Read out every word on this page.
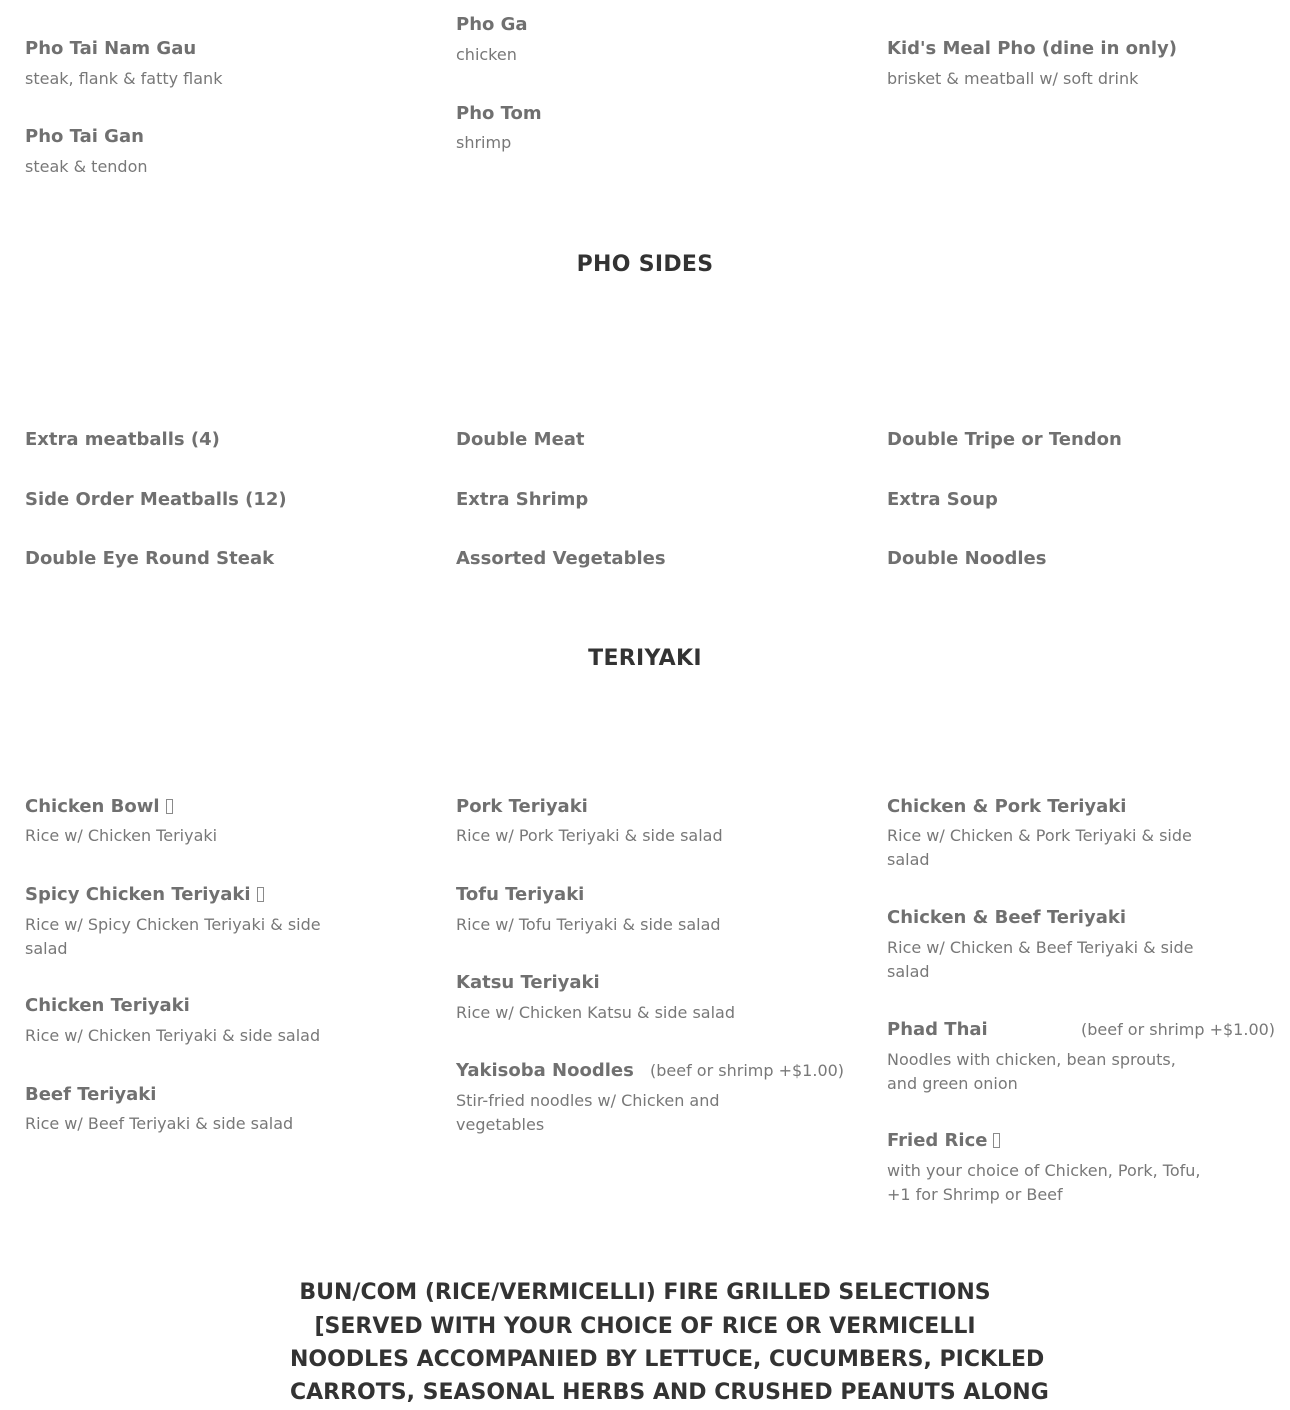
Pho Tai Nam Gau
steak, flank & fatty flank
Pho Tai Gan
steak & tendon
Pho Ga
chicken
Pho Tom
shrimp
Kid's Meal Pho (dine in only)
brisket & meatball w/ soft drink
PHO SIDES
Extra meatballs (4)
Side Order Meatballs (12)
Double Eye Round Steak
Double Meat
Extra Shrimp
Assorted Vegetables
Double Tripe or Tendon
Extra Soup
Double Noodles
TERIYAKI
Chicken Bowl
Rice w/ Chicken Teriyaki
Spicy Chicken Teriyaki
Rice w/ Spicy Chicken Teriyaki & side salad
Chicken Teriyaki
Rice w/ Chicken Teriyaki & side salad
Beef Teriyaki
Rice w/ Beef Teriyaki & side salad
Pork Teriyaki
Rice w/ Pork Teriyaki & side salad
Tofu Teriyaki
Rice w/ Tofu Teriyaki & side salad
Katsu Teriyaki
Rice w/ Chicken Katsu & side salad
Yakisoba Noodles (beef or shrimp +$1.00)
Stir-fried noodles w/ Chicken and vegetables
Chicken & Pork Teriyaki
Rice w/ Chicken & Pork Teriyaki & side salad
Chicken & Beef Teriyaki
Rice w/ Chicken & Beef Teriyaki & side salad
Phad Thai	(beef or shrimp +$1.00)
Noodles with chicken, bean sprouts, and green onion
Fried Rice
with your choice of Chicken, Pork, Tofu, +1 for Shrimp or Beef
BUN/COM (RICE/VERMICELLI) FIRE GRILLED SELECTIONS
[SERVED WITH YOUR CHOICE OF RICE OR VERMICELLI
NOODLES ACCOMPANIED BY LETTUCE, CUCUMBERS, PICKLED
CARROTS, SEASONAL HERBS AND CRUSHED PEANUTS ALONG
